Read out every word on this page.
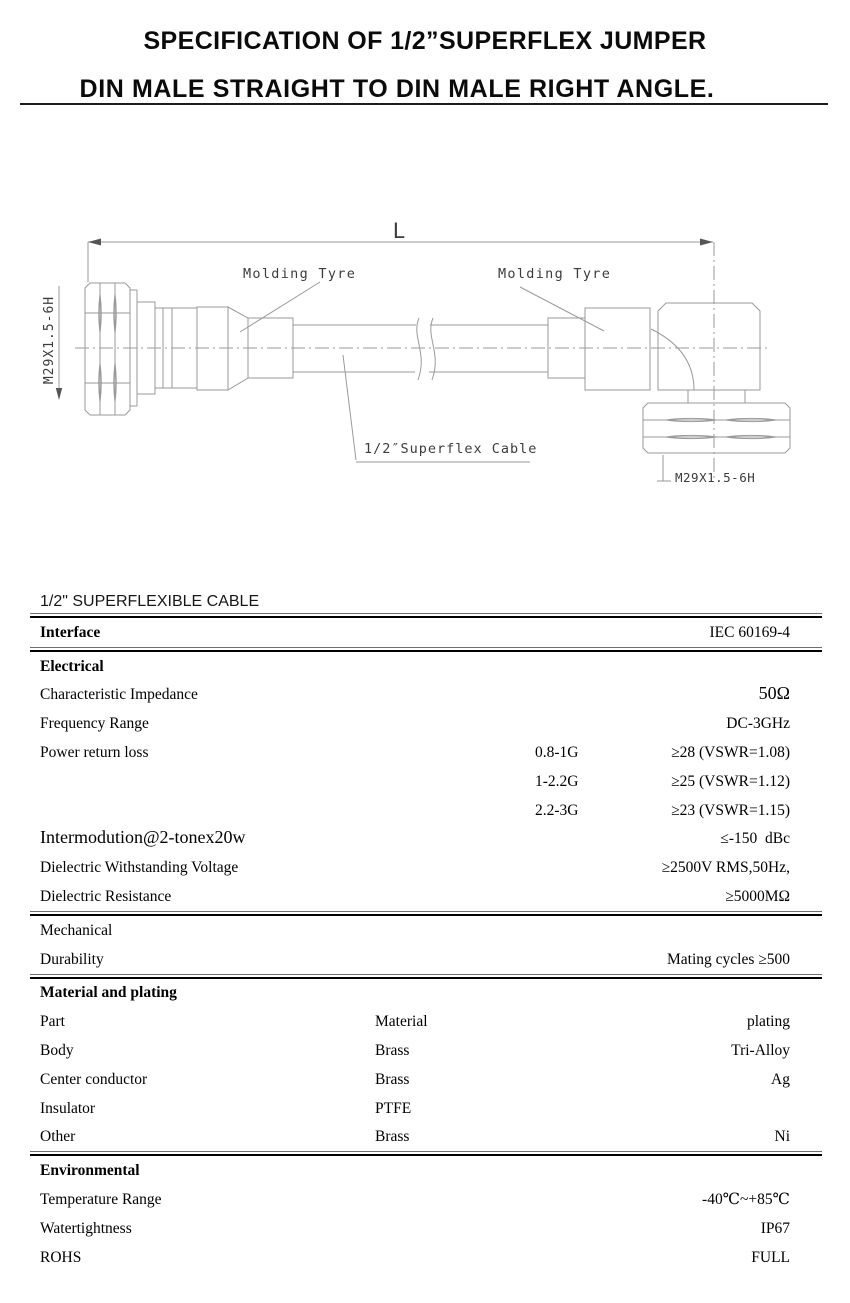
SPECIFICATION OF 1/2”SUPERFLEX JUMPER
DIN MALE STRAIGHT TO DIN MALE RIGHT ANGLE.
L
M29X1.5-6H
Molding Tyre	Molding Tyre
1/2″Superflex Cable
M29X1.5-6H
1/2" SUPERFLEXIBLE CABLE
Interface	IEC 60169-4
Electrical
Characteristic Impedance	50Ω
Frequency Range	DC-3GHz
Power return loss	0.8-1G	≥28 (VSWR=1.08)
1-2.2G	≥25 (VSWR=1.12)
2.2-3G	≥23 (VSWR=1.15)
Intermodution@2-tonex20w	≤-150  dBc
Dielectric Withstanding Voltage	≥2500V RMS,50Hz,
Dielectric Resistance	≥5000MΩ
Mechanical
Durability	Mating cycles ≥500
Material and plating
Part	Material	plating
Body	Brass	Tri-Alloy
Center conductor	Brass	Ag
Insulator	PTFE
Other	Brass	Ni
Environmental
Temperature Range	-40℃~+85℃
Watertightness	IP67
ROHS	FULL
